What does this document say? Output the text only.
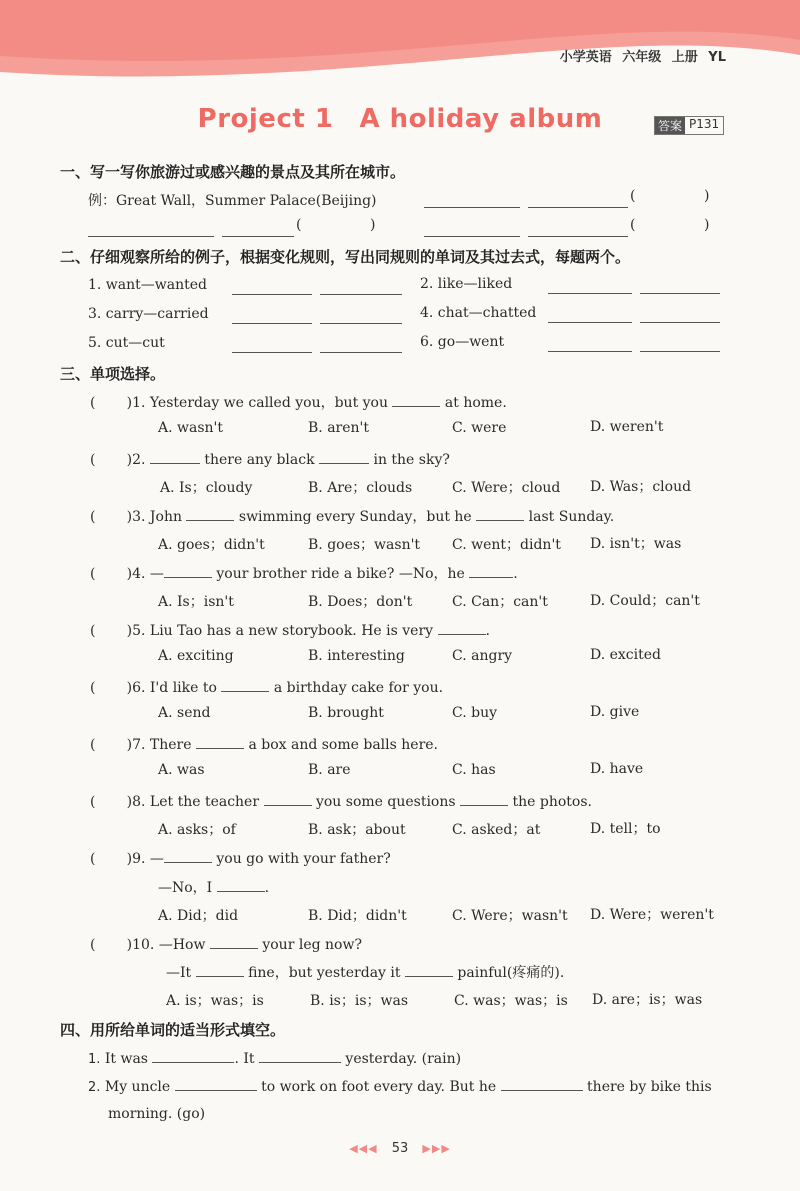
小学英语 六年级 上册 YL
Project 1 A holiday album	答案 P131
一、写一写你旅游过或感兴趣的景点及其所在城市。
例：Great Wall，Summer Palace(Beijing)	(	)
(	)	(	)
二、仔细观察所给的例子，根据变化规则，写出同规则的单词及其过去式，每题两个。
1. want—wanted	2. like—liked
3. carry—carried	4. chat—chatted
5. cut—cut	6. go—went
三、单项选择。
(       )1. Yesterday we called you，but you	at home.
A. wasn't	B. aren't	C. were	D. weren't
(       )2.	there any black	in the sky?
A. Is；cloudy	B. Are；clouds	C. Were；cloud D. Was；cloud
(       )3. John	swimming every Sunday，but he	last Sunday.
A. goes；didn't	B. goes；wasn't C. went；didn't D. isn't；was
(       )4. —	your brother ride a bike? —No，he	.
A. Is；isn't	B. Does；don't	C. Can；can't	D. Could；can't
(       )5. Liu Tao has a new storybook. He is very	.
A. exciting	B. interesting	C. angry	D. excited
(       )6. I'd like to	a birthday cake for you.
A. send	B. brought	C. buy	D. give
(       )7. There	a box and some balls here.
A. was	B. are	C. has	D. have
(       )8. Let the teacher	you some questions	the photos.
A. asks；of	B. ask；about	C. asked；at	D. tell；to
(       )9. —	you go with your father?
—No，I	.
A. Did；did	B. Did；didn't	C. Were；wasn't D. Were；weren't
(       )10. —How	your leg now?
—It	fine，but yesterday it	painful(疼痛的).
A. is；was；is	B. is；is；was	C. was；was；is D. are；is；was
四、用所给单词的适当形式填空。
1. It was	. It	yesterday. (rain)
2. My uncle	to work on foot every day. But he	there by bike this
morning. (go)
◀◀◀ 53 ▶▶▶
